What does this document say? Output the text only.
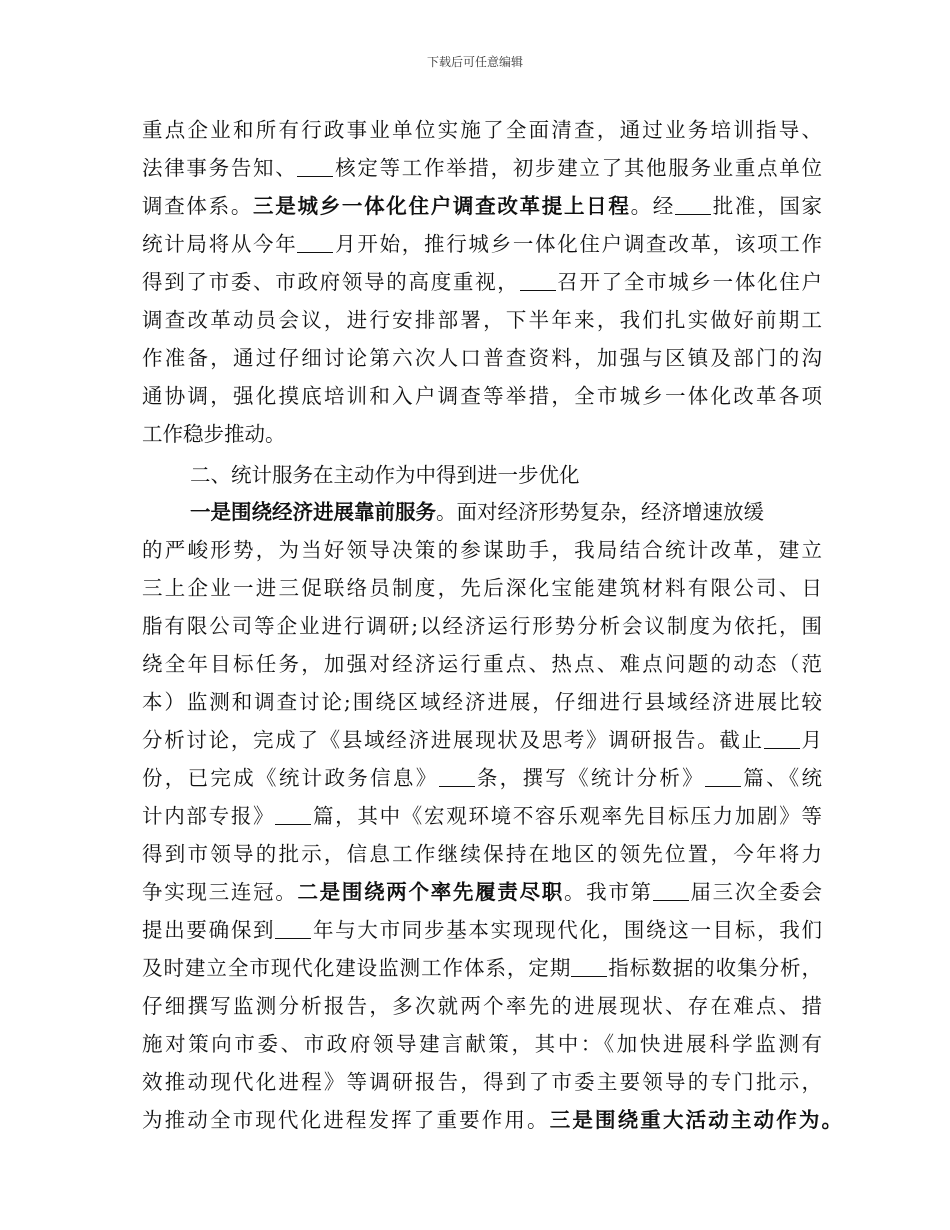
下载后可任意编辑
重点企业和所有行政事业单位实施了全面清查，通过业务培训指导、
法律事务告知、 核定等工作举措，初步建立了其他服务业重点单位
调查体系。三是城乡一体化住户调查改革提上日程。经 批准，国家
统计局将从今年 月开始，推行城乡一体化住户调查改革，该项工作
得到了市委、市政府领导的高度重视， 召开了全市城乡一体化住户
调查改革动员会议，进行安排部署，下半年来，我们扎实做好前期工
作准备，通过仔细讨论第六次人口普查资料，加强与区镇及部门的沟
通协调，强化摸底培训和入户调查等举措，全市城乡一体化改革各项
工作稳步推动。
二、统计服务在主动作为中得到进一步优化
一是围绕经济进展靠前服务。面对经济形势复杂，经济增速放缓
的严峻形势，为当好领导决策的参谋助手，我局结合统计改革，建立
三上企业一进三促联络员制度，先后深化宝能建筑材料有限公司、日
脂有限公司等企业进行调研;以经济运行形势分析会议制度为依托，围
绕全年目标任务，加强对经济运行重点、热点、难点问题的动态（范
本）监测和调查讨论;围绕区域经济进展，仔细进行县域经济进展比较
分析讨论，完成了《县域经济进展现状及思考》调研报告。截止 月
份，已完成《统计政务信息》 条，撰写《统计分析》 篇、《统
计内部专报》 篇，其中《宏观环境不容乐观率先目标压力加剧》等
得到市领导的批示，信息工作继续保持在地区的领先位置，今年将力
争实现三连冠。二是围绕两个率先履责尽职。我市第 届三次全委会
提出要确保到 年与大市同步基本实现现代化，围绕这一目标，我们
及时建立全市现代化建设监测工作体系，定期 指标数据的收集分析，
仔细撰写监测分析报告，多次就两个率先的进展现状、存在难点、措
施对策向市委、市政府领导建言献策，其中：《加快进展科学监测有
效推动现代化进程》等调研报告，得到了市委主要领导的专门批示，
为推动全市现代化进程发挥了重要作用。三是围绕重大活动主动作为。
